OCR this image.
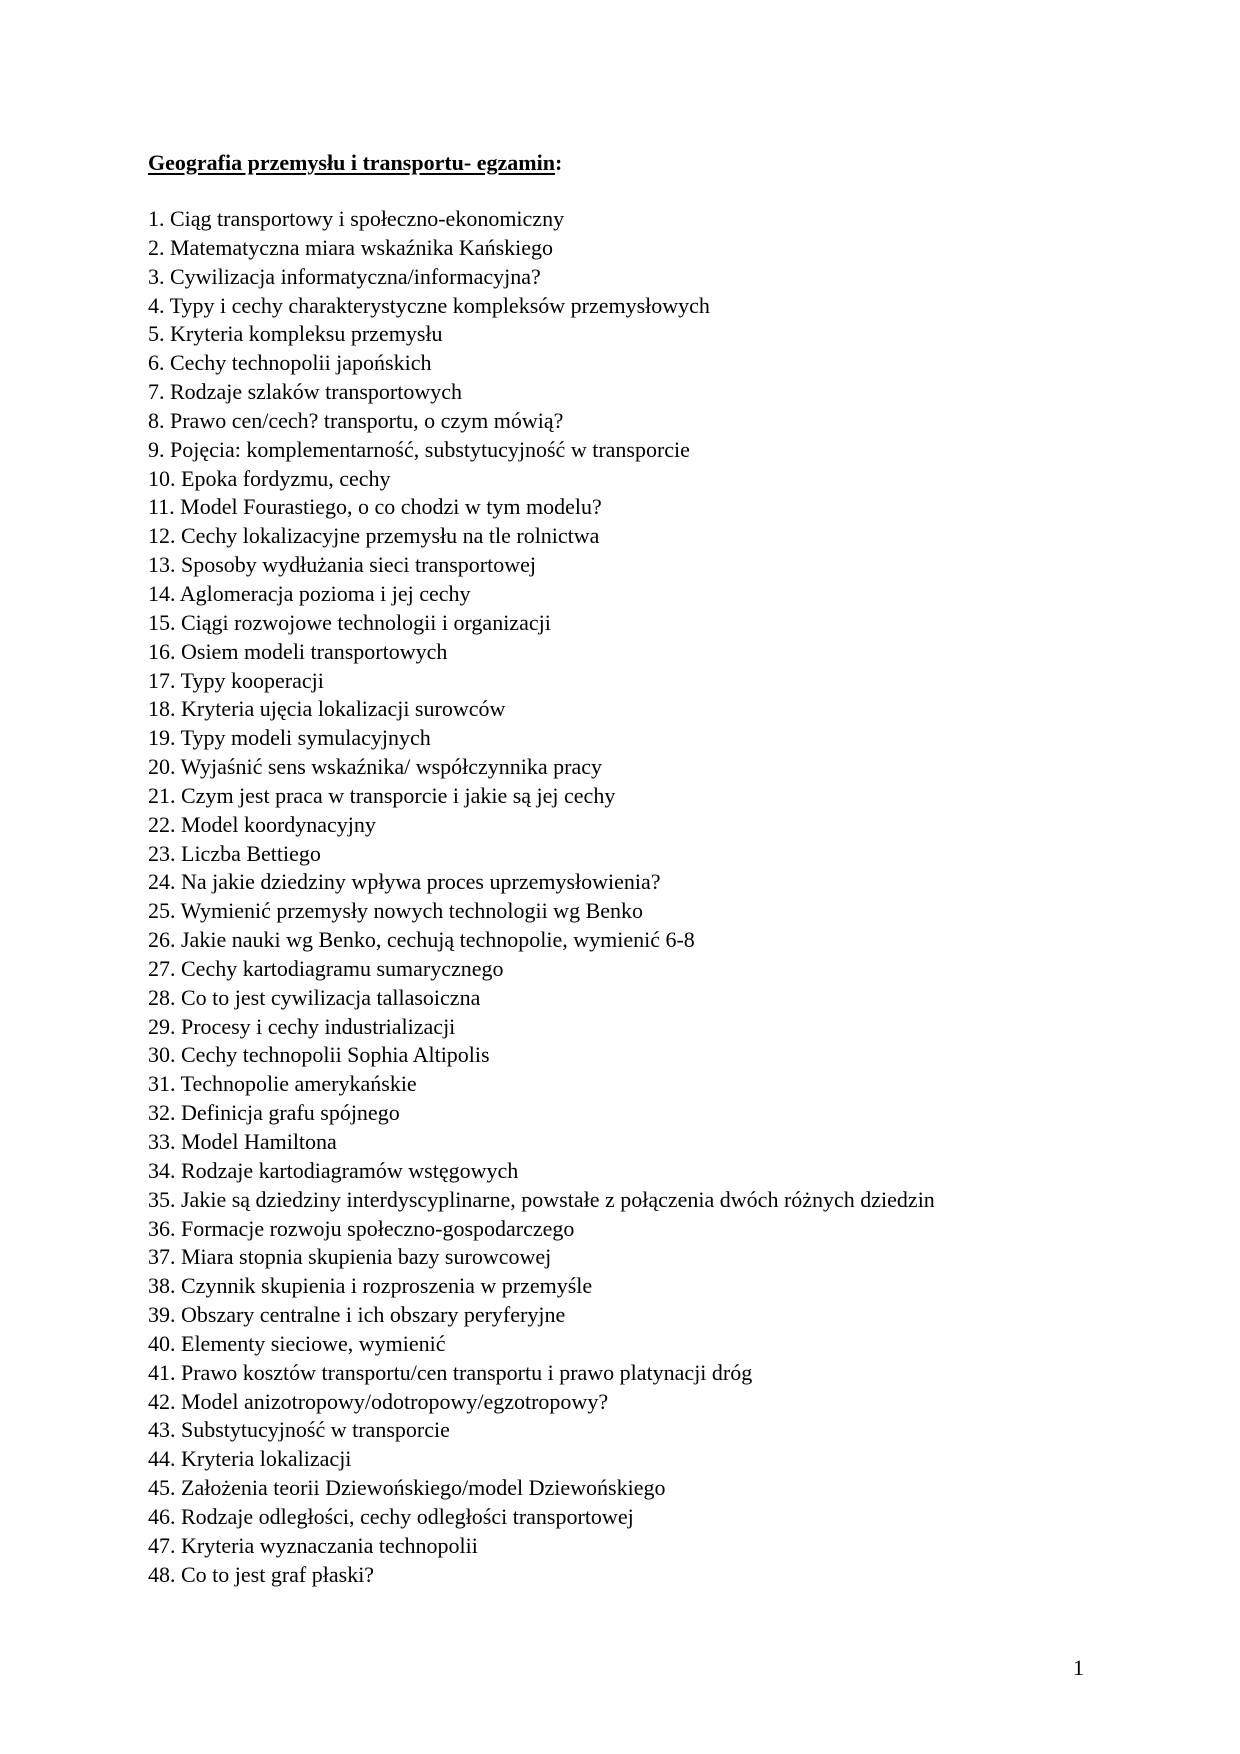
Geografia przemysłu i transportu- egzamin:
1. Ciąg transportowy i społeczno-ekonomiczny
2. Matematyczna miara wskaźnika Kańskiego
3. Cywilizacja informatyczna/informacyjna?
4. Typy i cechy charakterystyczne kompleksów przemysłowych
5. Kryteria kompleksu przemysłu
6. Cechy technopolii japońskich
7. Rodzaje szlaków transportowych
8. Prawo cen/cech? transportu, o czym mówią?
9. Pojęcia: komplementarność, substytucyjność w transporcie
10. Epoka fordyzmu, cechy
11. Model Fourastiego, o co chodzi w tym modelu?
12. Cechy lokalizacyjne przemysłu na tle rolnictwa
13. Sposoby wydłużania sieci transportowej
14. Aglomeracja pozioma i jej cechy
15. Ciągi rozwojowe technologii i organizacji
16. Osiem modeli transportowych
17. Typy kooperacji
18. Kryteria ujęcia lokalizacji surowców
19. Typy modeli symulacyjnych
20. Wyjaśnić sens wskaźnika/ współczynnika pracy
21. Czym jest praca w transporcie i jakie są jej cechy
22. Model koordynacyjny
23. Liczba Bettiego
24. Na jakie dziedziny wpływa proces uprzemysłowienia?
25. Wymienić przemysły nowych technologii wg Benko
26. Jakie nauki wg Benko, cechują technopolie, wymienić 6-8
27. Cechy kartodiagramu sumarycznego
28. Co to jest cywilizacja tallasoiczna
29. Procesy i cechy industrializacji
30. Cechy technopolii Sophia Altipolis
31. Technopolie amerykańskie
32. Definicja grafu spójnego
33. Model Hamiltona
34. Rodzaje kartodiagramów wstęgowych
35. Jakie są dziedziny interdyscyplinarne, powstałe z połączenia dwóch różnych dziedzin
36. Formacje rozwoju społeczno-gospodarczego
37. Miara stopnia skupienia bazy surowcowej
38. Czynnik skupienia i rozproszenia w przemyśle
39. Obszary centralne i ich obszary peryferyjne
40. Elementy sieciowe, wymienić
41. Prawo kosztów transportu/cen transportu i prawo platynacji dróg
42. Model anizotropowy/odotropowy/egzotropowy?
43. Substytucyjność w transporcie
44. Kryteria lokalizacji
45. Założenia teorii Dziewońskiego/model Dziewońskiego
46. Rodzaje odległości, cechy odległości transportowej
47. Kryteria wyznaczania technopolii
48. Co to jest graf płaski?
1
